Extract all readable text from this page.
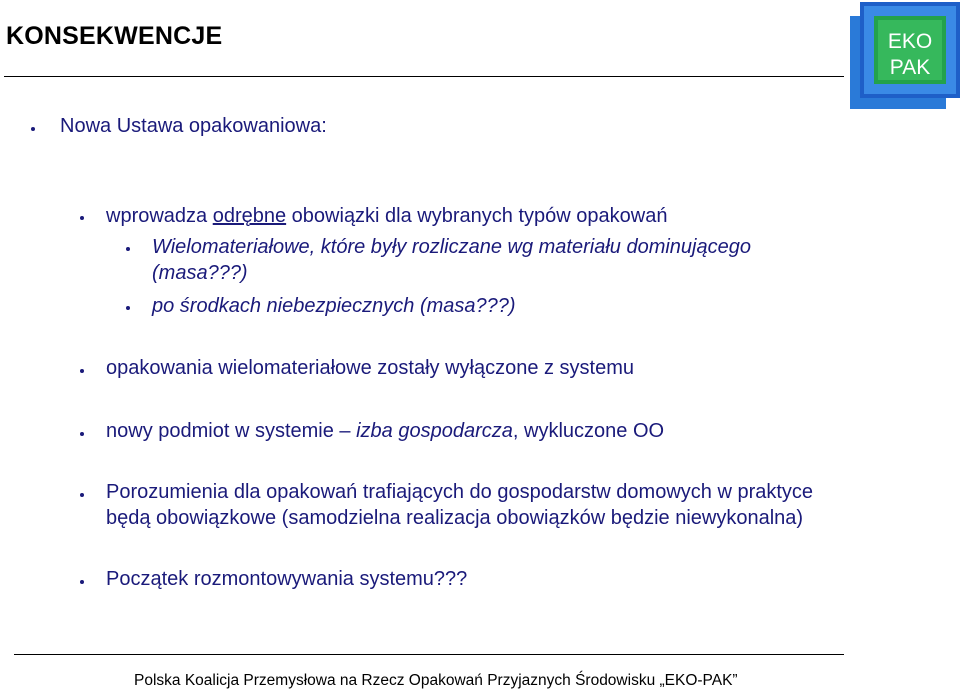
KONSEKWENCJE	EKO
PAK
Nowa Ustawa opakowaniowa:
wprowadza odrębne obowiązki dla wybranych typów opakowań
Wielomateriałowe, które były rozliczane wg materiału dominującego
(masa???)
po środkach niebezpiecznych (masa???)
opakowania wielomateriałowe zostały wyłączone z systemu
nowy podmiot w systemie – izba gospodarcza, wykluczone OO
Porozumienia dla opakowań trafiających do gospodarstw domowych w praktyce
będą obowiązkowe (samodzielna realizacja obowiązków będzie niewykonalna)
Początek rozmontowywania systemu???
Polska Koalicja Przemysłowa na Rzecz Opakowań Przyjaznych Środowisku „EKO-PAK”
